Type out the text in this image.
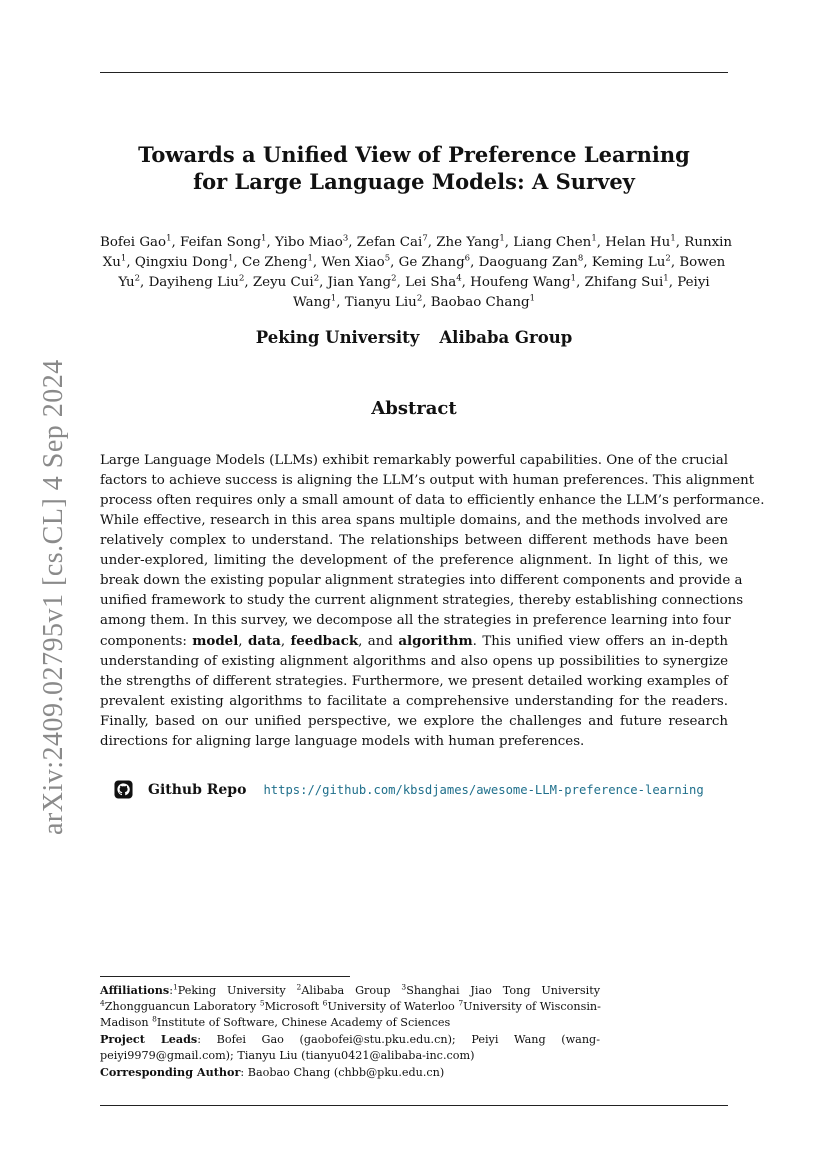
arXiv:2409.02795v1 [cs.CL] 4 Sep 2024
Towards a Unified View of Preference Learning
for Large Language Models: A Survey
Bofei Gao$^1$, Feifan Song$^1$, Yibo Miao$^3$, Zefan Cai$^7$, Zhe Yang$^1$, Liang Chen$^1$, Helan Hu$^1$, Runxin
Xu$^1$, Qingxiu Dong$^1$, Ce Zheng$^1$, Wen Xiao$^5$, Ge Zhang$^6$, Daoguang Zan$^8$, Keming Lu$^2$, Bowen
Yu$^2$, Dayiheng Liu$^2$, Zeyu Cui$^2$, Jian Yang$^2$, Lei Sha$^4$, Houfeng Wang$^1$, Zhifang Sui$^1$, Peiyi
Wang$^1$, Tianyu Liu$^2$, Baobao Chang$^1$
Peking University Alibaba Group
Abstract
Large Language Models (LLMs) exhibit remarkably powerful capabilities. One of the crucial
factors to achieve success is aligning the LLM’s output with human preferences. This alignment
process often requires only a small amount of data to efficiently enhance the LLM’s performance.
While effective, research in this area spans multiple domains, and the methods involved are
relatively complex to understand. The relationships between different methods have been
under-explored, limiting the development of the preference alignment. In light of this, we
break down the existing popular alignment strategies into different components and provide a
unified framework to study the current alignment strategies, thereby establishing connections
among them. In this survey, we decompose all the strategies in preference learning into four
components: model, data, feedback, and algorithm. This unified view offers an in-depth
understanding of existing alignment algorithms and also opens up possibilities to synergize
the strengths of different strategies. Furthermore, we present detailed working examples of
prevalent existing algorithms to facilitate a comprehensive understanding for the readers.
Finally, based on our unified perspective, we explore the challenges and future research
directions for aligning large language models with human preferences.
Github Repo https://github.com/kbsdjames/awesome-LLM-preference-learning
Affiliations:$^1$Peking University $^2$Alibaba Group $^3$Shanghai Jiao Tong University
$^4$Zhongguancun Laboratory $^5$Microsoft $^6$University of Waterloo $^7$University of Wisconsin-
Madison $^8$Institute of Software, Chinese Academy of Sciences
Project Leads: Bofei Gao (gaobofei@stu.pku.edu.cn); Peiyi Wang (wang-
peiyi9979@gmail.com); Tianyu Liu (tianyu0421@alibaba-inc.com)
Corresponding Author: Baobao Chang (chbb@pku.edu.cn)
